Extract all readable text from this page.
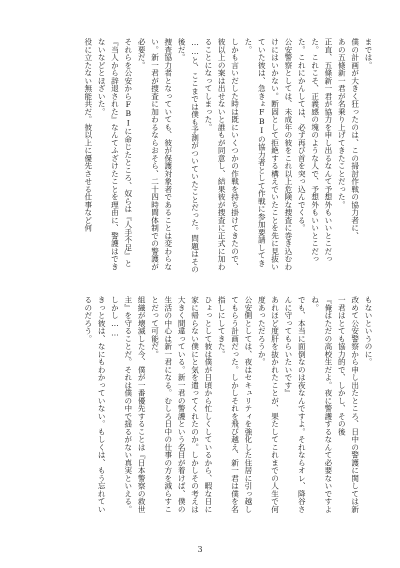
までは。
僕の計画が大きく狂ったのは、この掃討作戦の協力者に、
あの五條新一君が名乗り上げてきたことだった。
正直、五條新一君が協力を申し出るなんて予想外もいいとこだった。これこそ、正義感の塊のような人で、予想外もいいとこだった。これにかんしては、必ず再び首を突っ込んでくる。
公安警察としては、未成年の彼をこれ以上危険な捜査に巻き込むわけにはいかない。断固として拒絶する構えでいたことを先に見抜いていた彼は、急きょFBIの協力者として作戦に参加要請してきた。
しかも言いだした時は既にいくつかの作戦を持ち掛けてきたので、彼以上の案は出せないと誰もが同意し、結果彼が捜査に正式に加わることになってしまった。
……と、ここまでは僕も予測がついていたことだった。問題はその後だ。
捜査協力者となっていても、彼が保護対象者であることは変わらない。新一君が捜査に加わるならおそら、二十四時間体制での警護が必要だ。
それらを公安からFBIに命じたところ、奴らは『人手不足』と『当人から辞退された』なんてふざけたことを理由に、警護はできないなどとほざいた。
役に立たない無能共だ。彼以上に優先させる仕事など何
もないというのに。
改めて公安警察から申し出たところ、日中の警護に関しては新一君はとても協力的で、しかし、その後
『俺はただの高校生だよ。夜に警護するなんて必要ないですよね。
でも、本当に面倒なのは夜なんですよ。それならオレ、降谷さんに守ってもらいたいです』
あれほど度肝を抜かれたことが、果たしてこれまでの人生で何度あっただろうか。
公安側としては、夜はセキュリティを強化した住居に引っ越してもらう計画だった。しかしそれを飛び越え、新一君は僕を名指しにしてきた。
ひょっとして彼は僕が日頃から忙しくしているから、暇な日に家に帰らない僕にと気を遣ってくれたのか。しかしその考えは大きく間違っている。新一君の警護という名目が着けば、僕の生活の中心は新一君になる。むしろ日中の仕事の方を減らすことだって可能だ。
組織が壊滅した今、僕が一番優先することは『日本警察の救世主』を守ることだ。それは僕の中で揺るがない真実といえる。
しかし……
きっと彼は、なにもわかっていない。もしくは、もう忘れているのだろう。
3
